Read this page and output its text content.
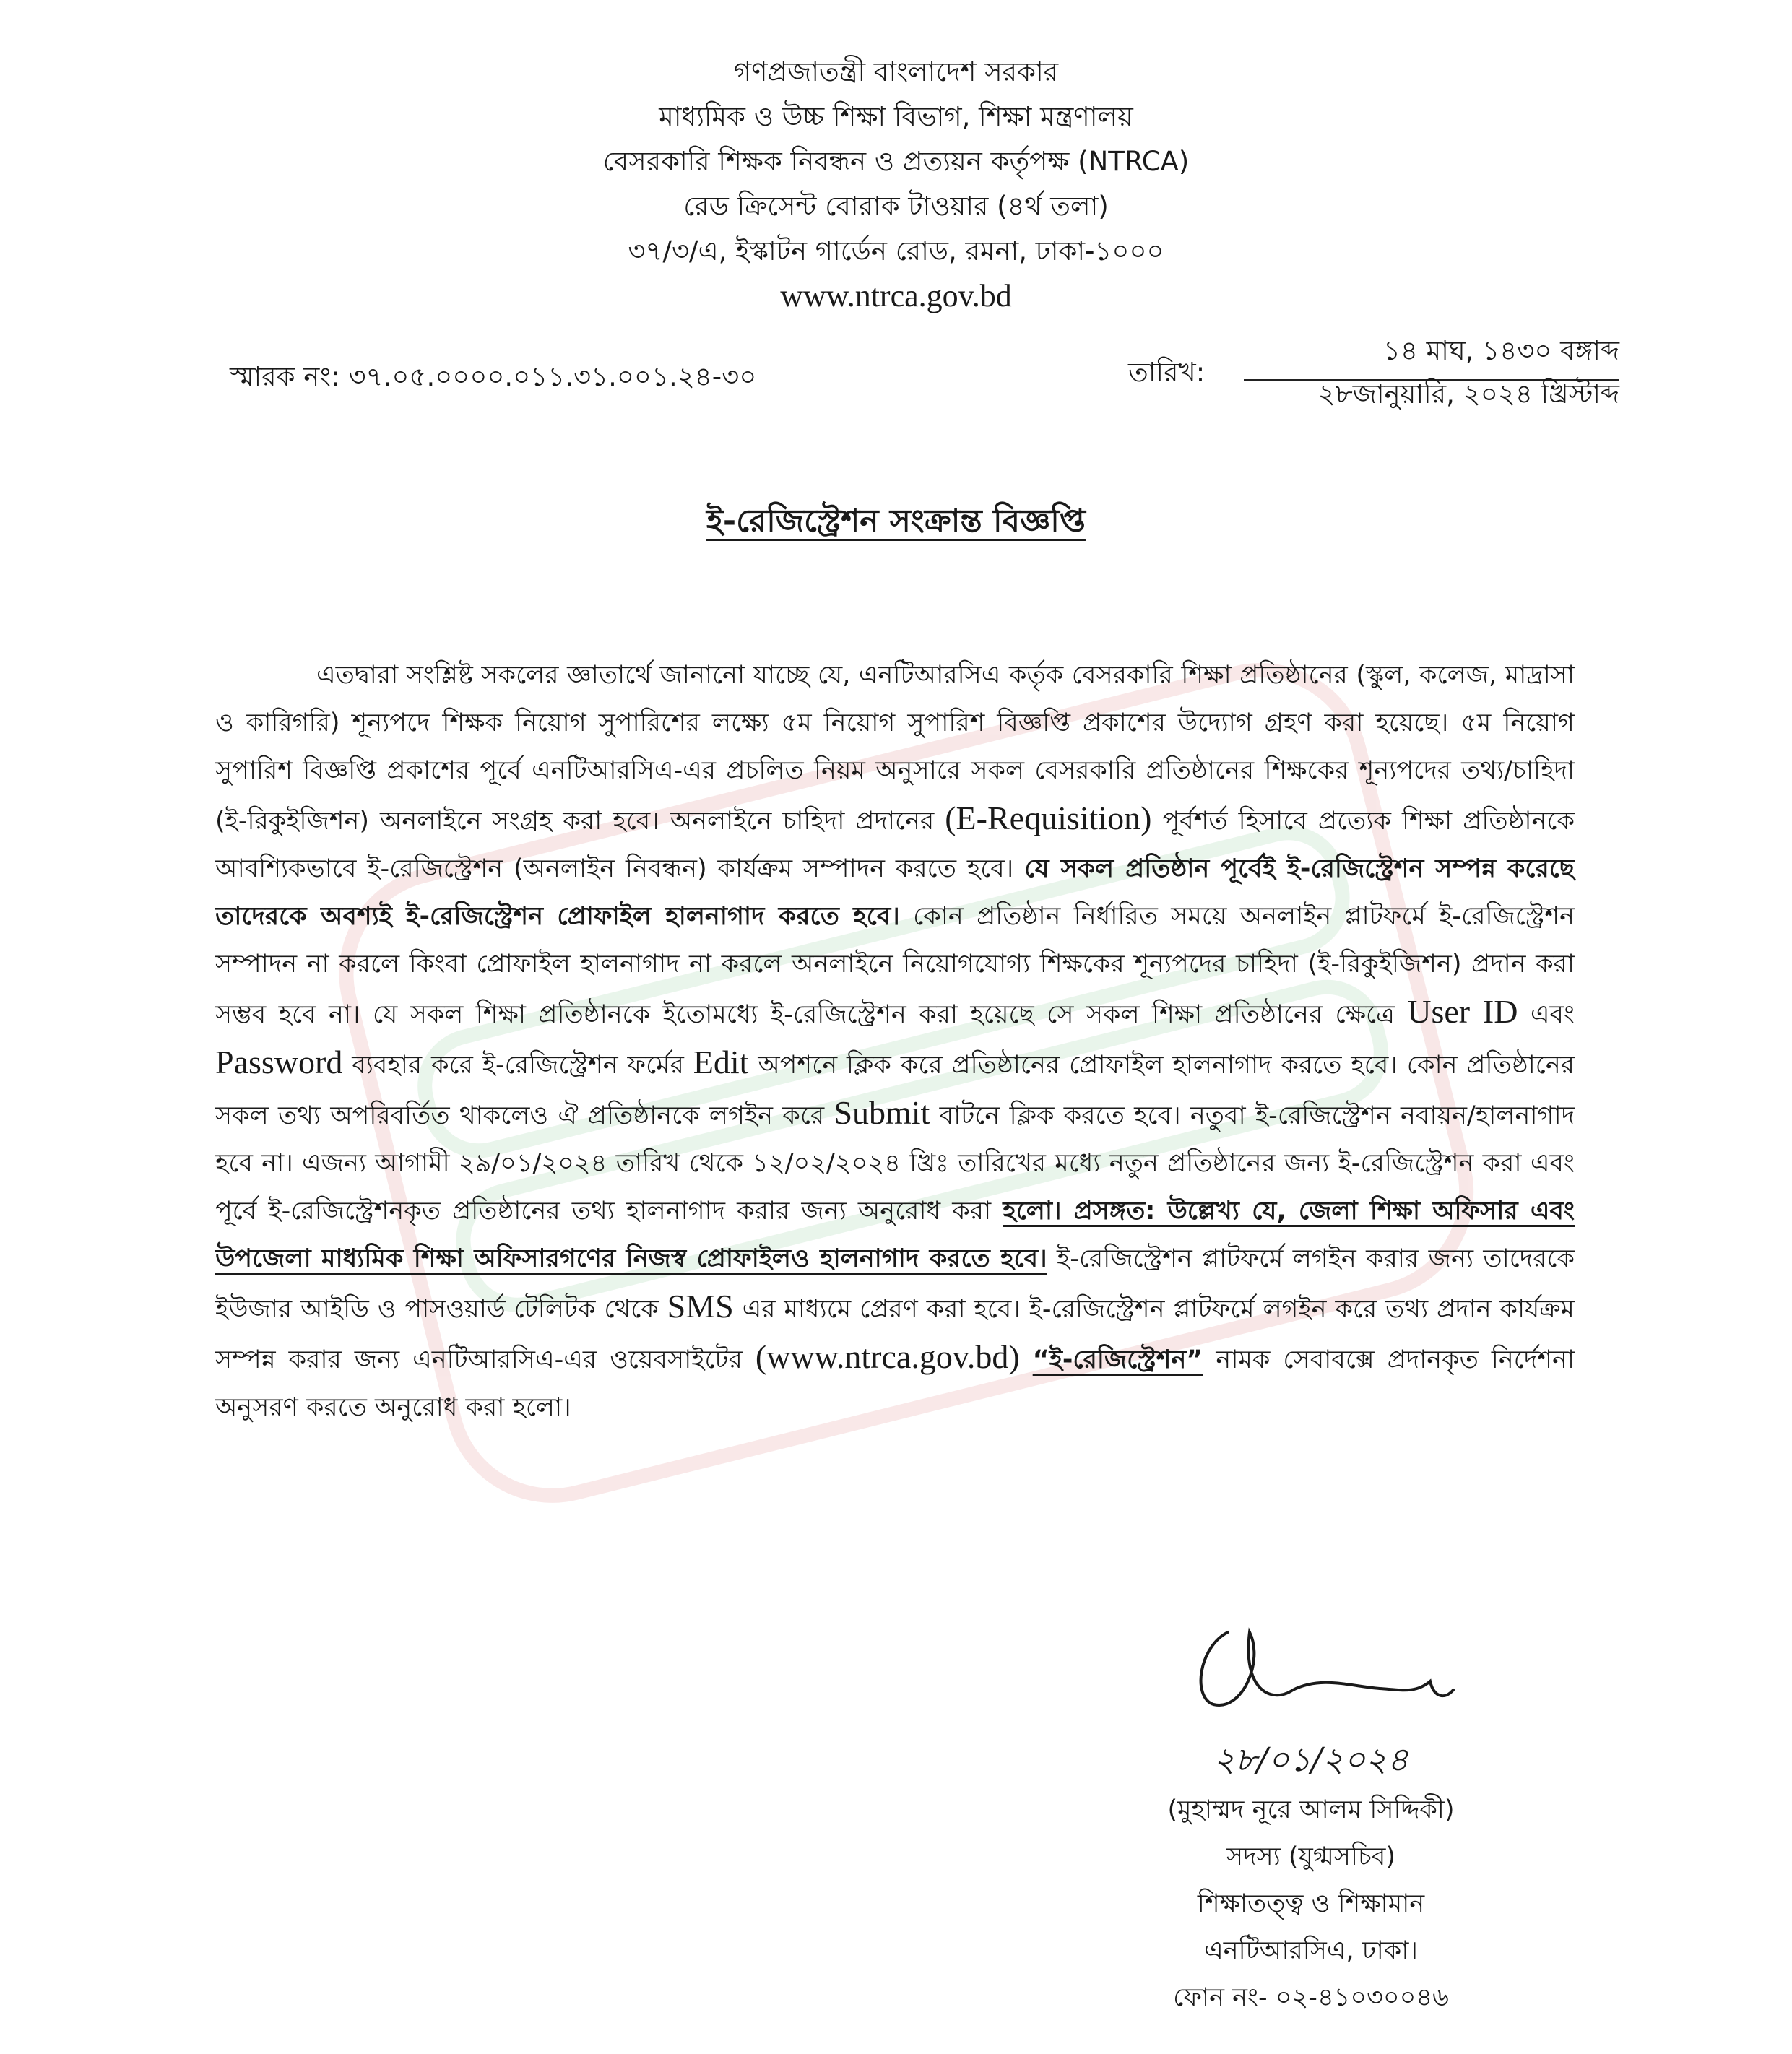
গণপ্রজাতন্ত্রী বাংলাদেশ সরকার
মাধ্যমিক ও উচ্চ শিক্ষা বিভাগ, শিক্ষা মন্ত্রণালয়
বেসরকারি শিক্ষক নিবন্ধন ও প্রত্যয়ন কর্তৃপক্ষ (NTRCA)
রেড ক্রিসেন্ট বোরাক টাওয়ার (৪র্থ তলা)
৩৭/৩/এ, ইস্কাটন গার্ডেন রোড, রমনা, ঢাকা-১০০০
www.ntrca.gov.bd
স্মারক নং: ৩৭.০৫.০০০০.০১১.৩১.০০১.২৪-৩০	তারিখ:
১৪ মাঘ, ১৪৩০ বঙ্গাব্দ
২৮জানুয়ারি, ২০২৪ খ্রিস্টাব্দ
ই-রেজিস্ট্রেশন সংক্রান্ত বিজ্ঞপ্তি

এতদ্বারা সংশ্লিষ্ট সকলের জ্ঞাতার্থে জানানো যাচ্ছে যে, এনটিআরসিএ কর্তৃক বেসরকারি শিক্ষা প্রতিষ্ঠানের (স্কুল, কলেজ, মাদ্রাসা ও কারিগরি) শূন্যপদে শিক্ষক নিয়োগ সুপারিশের লক্ষ্যে ৫ম নিয়োগ সুপারিশ বিজ্ঞপ্তি প্রকাশের উদ্যোগ গ্রহণ করা হয়েছে। ৫ম নিয়োগ সুপারিশ বিজ্ঞপ্তি প্রকাশের পূর্বে এনটিআরসিএ-এর প্রচলিত নিয়ম অনুসারে সকল বেসরকারি প্রতিষ্ঠানের শিক্ষকের শূন্যপদের তথ্য/চাহিদা (ই-রিকুইজিশন) অনলাইনে সংগ্রহ করা হবে। অনলাইনে চাহিদা প্রদানের (E-Requisition) পূর্বশর্ত হিসাবে প্রত্যেক শিক্ষা প্রতিষ্ঠানকে আবশ্যিকভাবে ই-রেজিস্ট্রেশন (অনলাইন নিবন্ধন) কার্যক্রম সম্পাদন করতে হবে। যে সকল প্রতিষ্ঠান পূর্বেই ই-রেজিস্ট্রেশন সম্পন্ন করেছে তাদেরকে অবশ্যই ই-রেজিস্ট্রেশন প্রোফাইল হালনাগাদ করতে হবে। কোন প্রতিষ্ঠান নির্ধারিত সময়ে অনলাইন প্লাটফর্মে ই-রেজিস্ট্রেশন সম্পাদন না করলে কিংবা প্রোফাইল হালনাগাদ না করলে অনলাইনে নিয়োগযোগ্য শিক্ষকের শূন্যপদের চাহিদা (ই-রিকুইজিশন) প্রদান করা সম্ভব হবে না। যে সকল শিক্ষা প্রতিষ্ঠানকে ইতোমধ্যে ই-রেজিস্ট্রেশন করা হয়েছে সে সকল শিক্ষা প্রতিষ্ঠানের ক্ষেত্রে User ID এবং Password ব্যবহার করে ই-রেজিস্ট্রেশন ফর্মের Edit অপশনে ক্লিক করে প্রতিষ্ঠানের প্রোফাইল হালনাগাদ করতে হবে। কোন প্রতিষ্ঠানের সকল তথ্য অপরিবর্তিত থাকলেও ঐ প্রতিষ্ঠানকে লগইন করে Submit বাটনে ক্লিক করতে হবে। নতুবা ই-রেজিস্ট্রেশন নবায়ন/হালনাগাদ হবে না। এজন্য আগামী ২৯/০১/২০২৪ তারিখ থেকে ১২/০২/২০২৪ খ্রিঃ তারিখের মধ্যে নতুন প্রতিষ্ঠানের জন্য ই-রেজিস্ট্রেশন করা এবং পূর্বে ই-রেজিস্ট্রেশনকৃত প্রতিষ্ঠানের তথ্য হালনাগাদ করার জন্য অনুরোধ করা হলো। প্রসঙ্গত: উল্লেখ্য যে, জেলা শিক্ষা অফিসার এবং উপজেলা মাধ্যমিক শিক্ষা অফিসারগণের নিজস্ব প্রোফাইলও হালনাগাদ করতে হবে। ই-রেজিস্ট্রেশন প্লাটফর্মে লগইন করার জন্য তাদেরকে ইউজার আইডি ও পাসওয়ার্ড টেলিটক থেকে SMS এর মাধ্যমে প্রেরণ করা হবে। ই-রেজিস্ট্রেশন প্লাটফর্মে লগইন করে তথ্য প্রদান কার্যক্রম সম্পন্ন করার জন্য এনটিআরসিএ-এর ওয়েবসাইটের (www.ntrca.gov.bd) “ই-রেজিস্ট্রেশন” নামক সেবাবক্সে প্রদানকৃত নির্দেশনা অনুসরণ করতে অনুরোধ করা হলো।

২৮/০১/২০২৪
(মুহাম্মদ নূরে আলম সিদ্দিকী)
সদস্য (যুগ্মসচিব)
শিক্ষাতত্ত্ব ও শিক্ষামান
এনটিআরসিএ, ঢাকা।
ফোন নং- ০২-৪১০৩০০৪৬
